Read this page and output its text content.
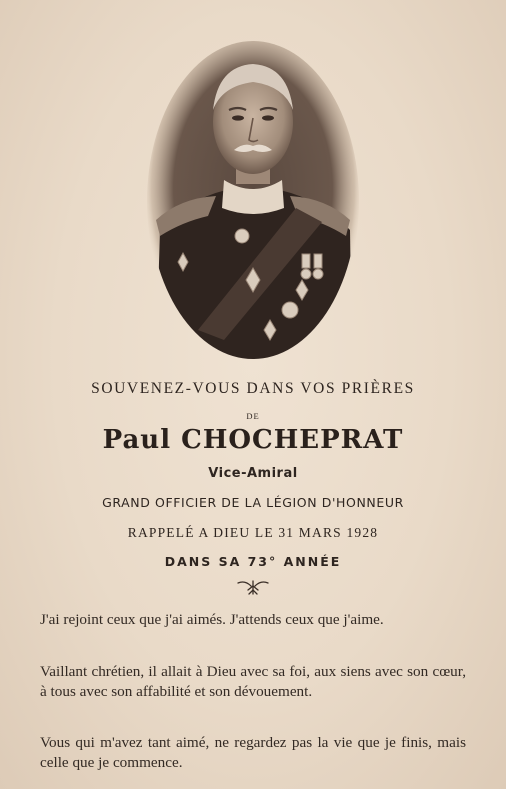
SOUVENEZ-VOUS DANS VOS PRIÈRES
DE
Paul CHOCHEPRAT
Vice-Amiral
GRAND OFFICIER DE LA LÉGION D'HONNEUR
RAPPELÉ A DIEU LE 31 MARS 1928
DANS SA 73° ANNÉE
J'ai rejoint ceux que j'ai aimés. J'attends ceux que j'aime.
Vaillant chrétien, il allait à Dieu avec sa foi, aux siens avec son cœur, à tous avec son affabilité et son dévouement.
Vous qui m'avez tant aimé, ne regardez pas la vie que je finis, mais celle que je commence.
